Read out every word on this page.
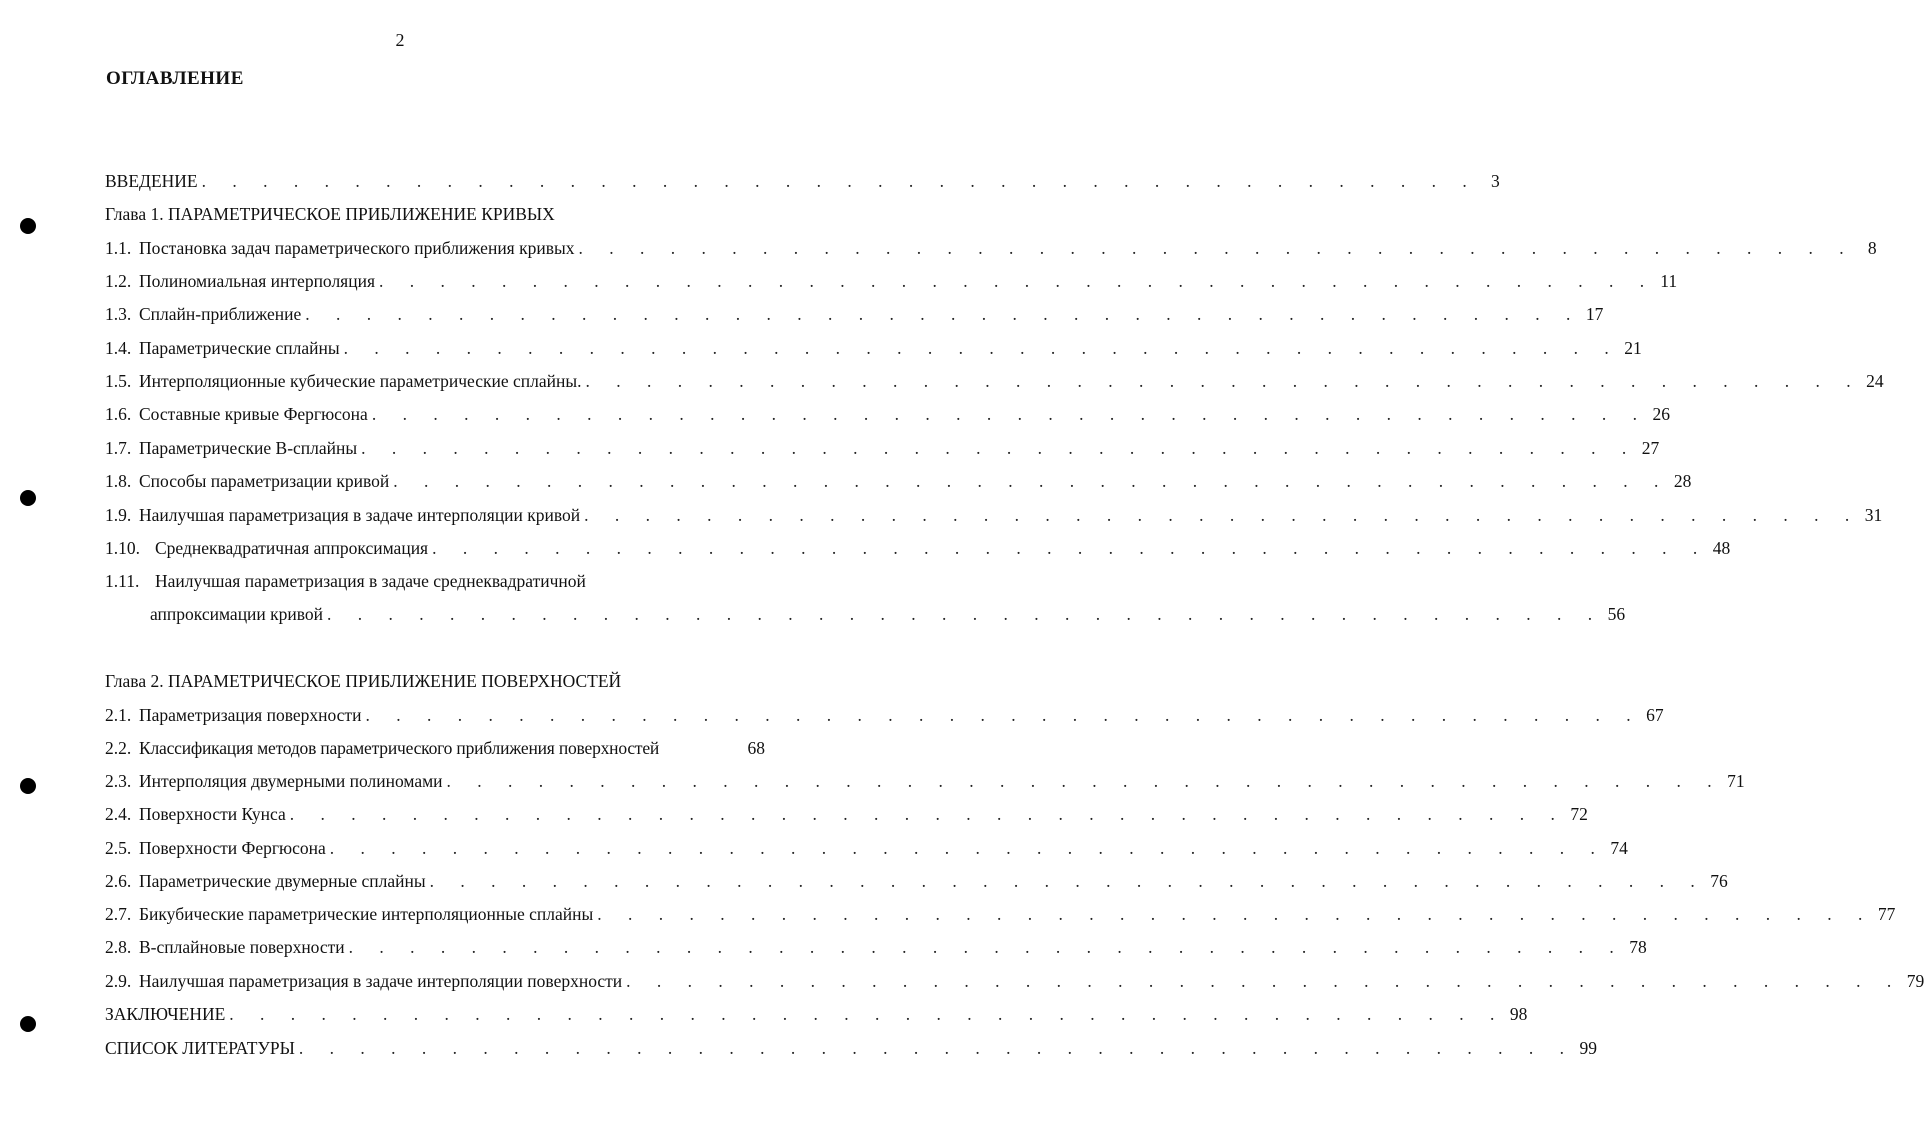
2
ОГЛАВЛЕНИЕ
ВВЕДЕНИЕ . . . . . . . . . . . . . . . . . . . . . . . . . . . . . . . . . . . . . . . . . . 3
Глава 1. ПАРАМЕТРИЧЕСКОЕ ПРИБЛИЖЕНИЕ КРИВЫХ
1.1. Постановка задач параметрического приближения кривых . . . . . . . . . . . . . . . . . . . . . . . . . . . . . . . . . . . . . . . . . . 8
1.2. Полиномиальная интерполяция . . . . . . . . . . . . . . . . . . . . . . . . . . . . . . . . . . . . . . . . . . 11
1.3. Сплайн-приближение . . . . . . . . . . . . . . . . . . . . . . . . . . . . . . . . . . . . . . . . . . 17
1.4. Параметрические сплайны . . . . . . . . . . . . . . . . . . . . . . . . . . . . . . . . . . . . . . . . . . 21
1.5. Интерполяционные кубические параметрические сплайны. . . . . . . . . . . . . . . . . . . . . . . . . . . . . . . . . . . . . . . . . . . 24
1.6. Составные кривые Фергюсона . . . . . . . . . . . . . . . . . . . . . . . . . . . . . . . . . . . . . . . . . . 26
1.7. Параметрические В-сплайны . . . . . . . . . . . . . . . . . . . . . . . . . . . . . . . . . . . . . . . . . . 27
1.8. Способы параметризации кривой . . . . . . . . . . . . . . . . . . . . . . . . . . . . . . . . . . . . . . . . . . 28
1.9. Наилучшая параметризация в задаче интерполяции кривой . . . . . . . . . . . . . . . . . . . . . . . . . . . . . . . . . . . . . . . . . . 31
1.10. Среднеквадратичная аппроксимация . . . . . . . . . . . . . . . . . . . . . . . . . . . . . . . . . . . . . . . . . . 48
1.11. Наилучшая параметризация в задаче среднеквадратичной
аппроксимации кривой . . . . . . . . . . . . . . . . . . . . . . . . . . . . . . . . . . . . . . . . . . 56
Глава 2. ПАРАМЕТРИЧЕСКОЕ ПРИБЛИЖЕНИЕ ПОВЕРХНОСТЕЙ
2.1. Параметризация поверхности . . . . . . . . . . . . . . . . . . . . . . . . . . . . . . . . . . . . . . . . . . 67
2.2. Классификация методов параметрического приближения поверхностей	68
2.3. Интерполяция двумерными полиномами . . . . . . . . . . . . . . . . . . . . . . . . . . . . . . . . . . . . . . . . . . 71
2.4. Поверхности Кунса . . . . . . . . . . . . . . . . . . . . . . . . . . . . . . . . . . . . . . . . . . 72
2.5. Поверхности Фергюсона . . . . . . . . . . . . . . . . . . . . . . . . . . . . . . . . . . . . . . . . . . 74
2.6. Параметрические двумерные сплайны . . . . . . . . . . . . . . . . . . . . . . . . . . . . . . . . . . . . . . . . . . 76
2.7. Бикубические параметрические интерполяционные сплайны . . . . . . . . . . . . . . . . . . . . . . . . . . . . . . . . . . . . . . . . . . 77
2.8. В-сплайновые поверхности . . . . . . . . . . . . . . . . . . . . . . . . . . . . . . . . . . . . . . . . . . 78
2.9. Наилучшая параметризация в задаче интерполяции поверхности . . . . . . . . . . . . . . . . . . . . . . . . . . . . . . . . . . . . . . . . . . 79
ЗАКЛЮЧЕНИЕ . . . . . . . . . . . . . . . . . . . . . . . . . . . . . . . . . . . . . . . . . . 98
СПИСОК ЛИТЕРАТУРЫ . . . . . . . . . . . . . . . . . . . . . . . . . . . . . . . . . . . . . . . . . . 99
